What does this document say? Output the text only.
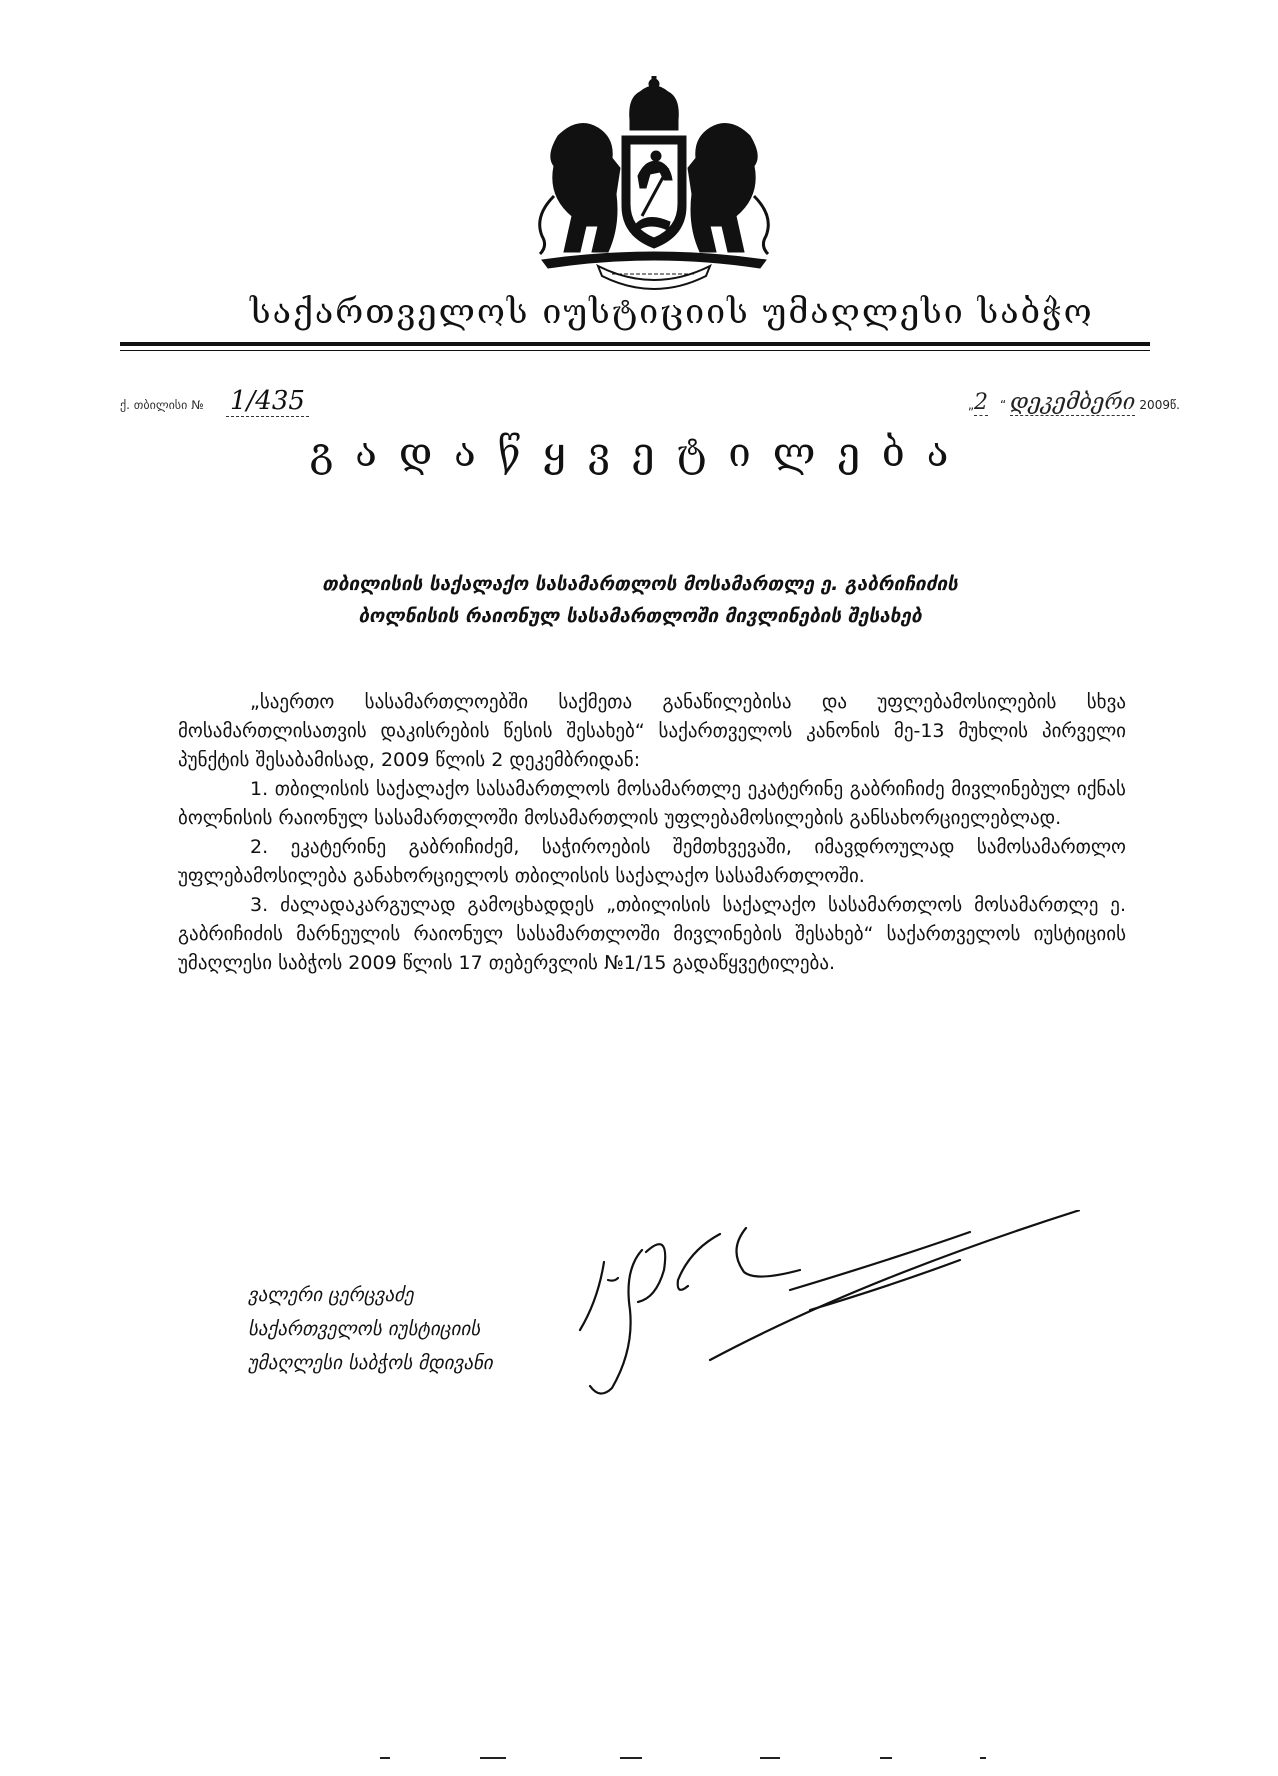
საქართველოს იუსტიციის უმაღლესი საბჭო
ქ. თბილისი № 1/435	„2 “ დეკემბერი 2009წ.
გადაწყვეტილება
თბილისის საქალაქო სასამართლოს მოსამართლე ე. გაბრიჩიძის
ბოლნისის რაიონულ სასამართლოში მივლინების შესახებ

„საერთო სასამართლოებში საქმეთა განაწილებისა და უფლებამოსილების სხვა მოსამართლისათვის დაკისრების წესის შესახებ“ საქართველოს კანონის მე-13 მუხლის პირველი პუნქტის შესაბამისად, 2009 წლის 2 დეკემბრიდან:

1. თბილისის საქალაქო სასამართლოს მოსამართლე ეკატერინე გაბრიჩიძე მივლინებულ იქნას ბოლნისის რაიონულ სასამართლოში მოსამართლის უფლებამოსილების განსახორციელებლად.

2. ეკატერინე გაბრიჩიძემ, საჭიროების შემთხვევაში, იმავდროულად სამოსამართლო უფლებამოსილება განახორციელოს თბილისის საქალაქო სასამართლოში.

3. ძალადაკარგულად გამოცხადდეს „თბილისის საქალაქო სასამართლოს მოსამართლე ე. გაბრიჩიძის მარნეულის რაიონულ სასამართლოში მივლინების შესახებ“ საქართველოს იუსტიციის უმაღლესი საბჭოს 2009 წლის 17 თებერვლის №1/15 გადაწყვეტილება.

ვალერი ცერცვაძე
საქართველოს იუსტიციის
უმაღლესი საბჭოს მდივანი
